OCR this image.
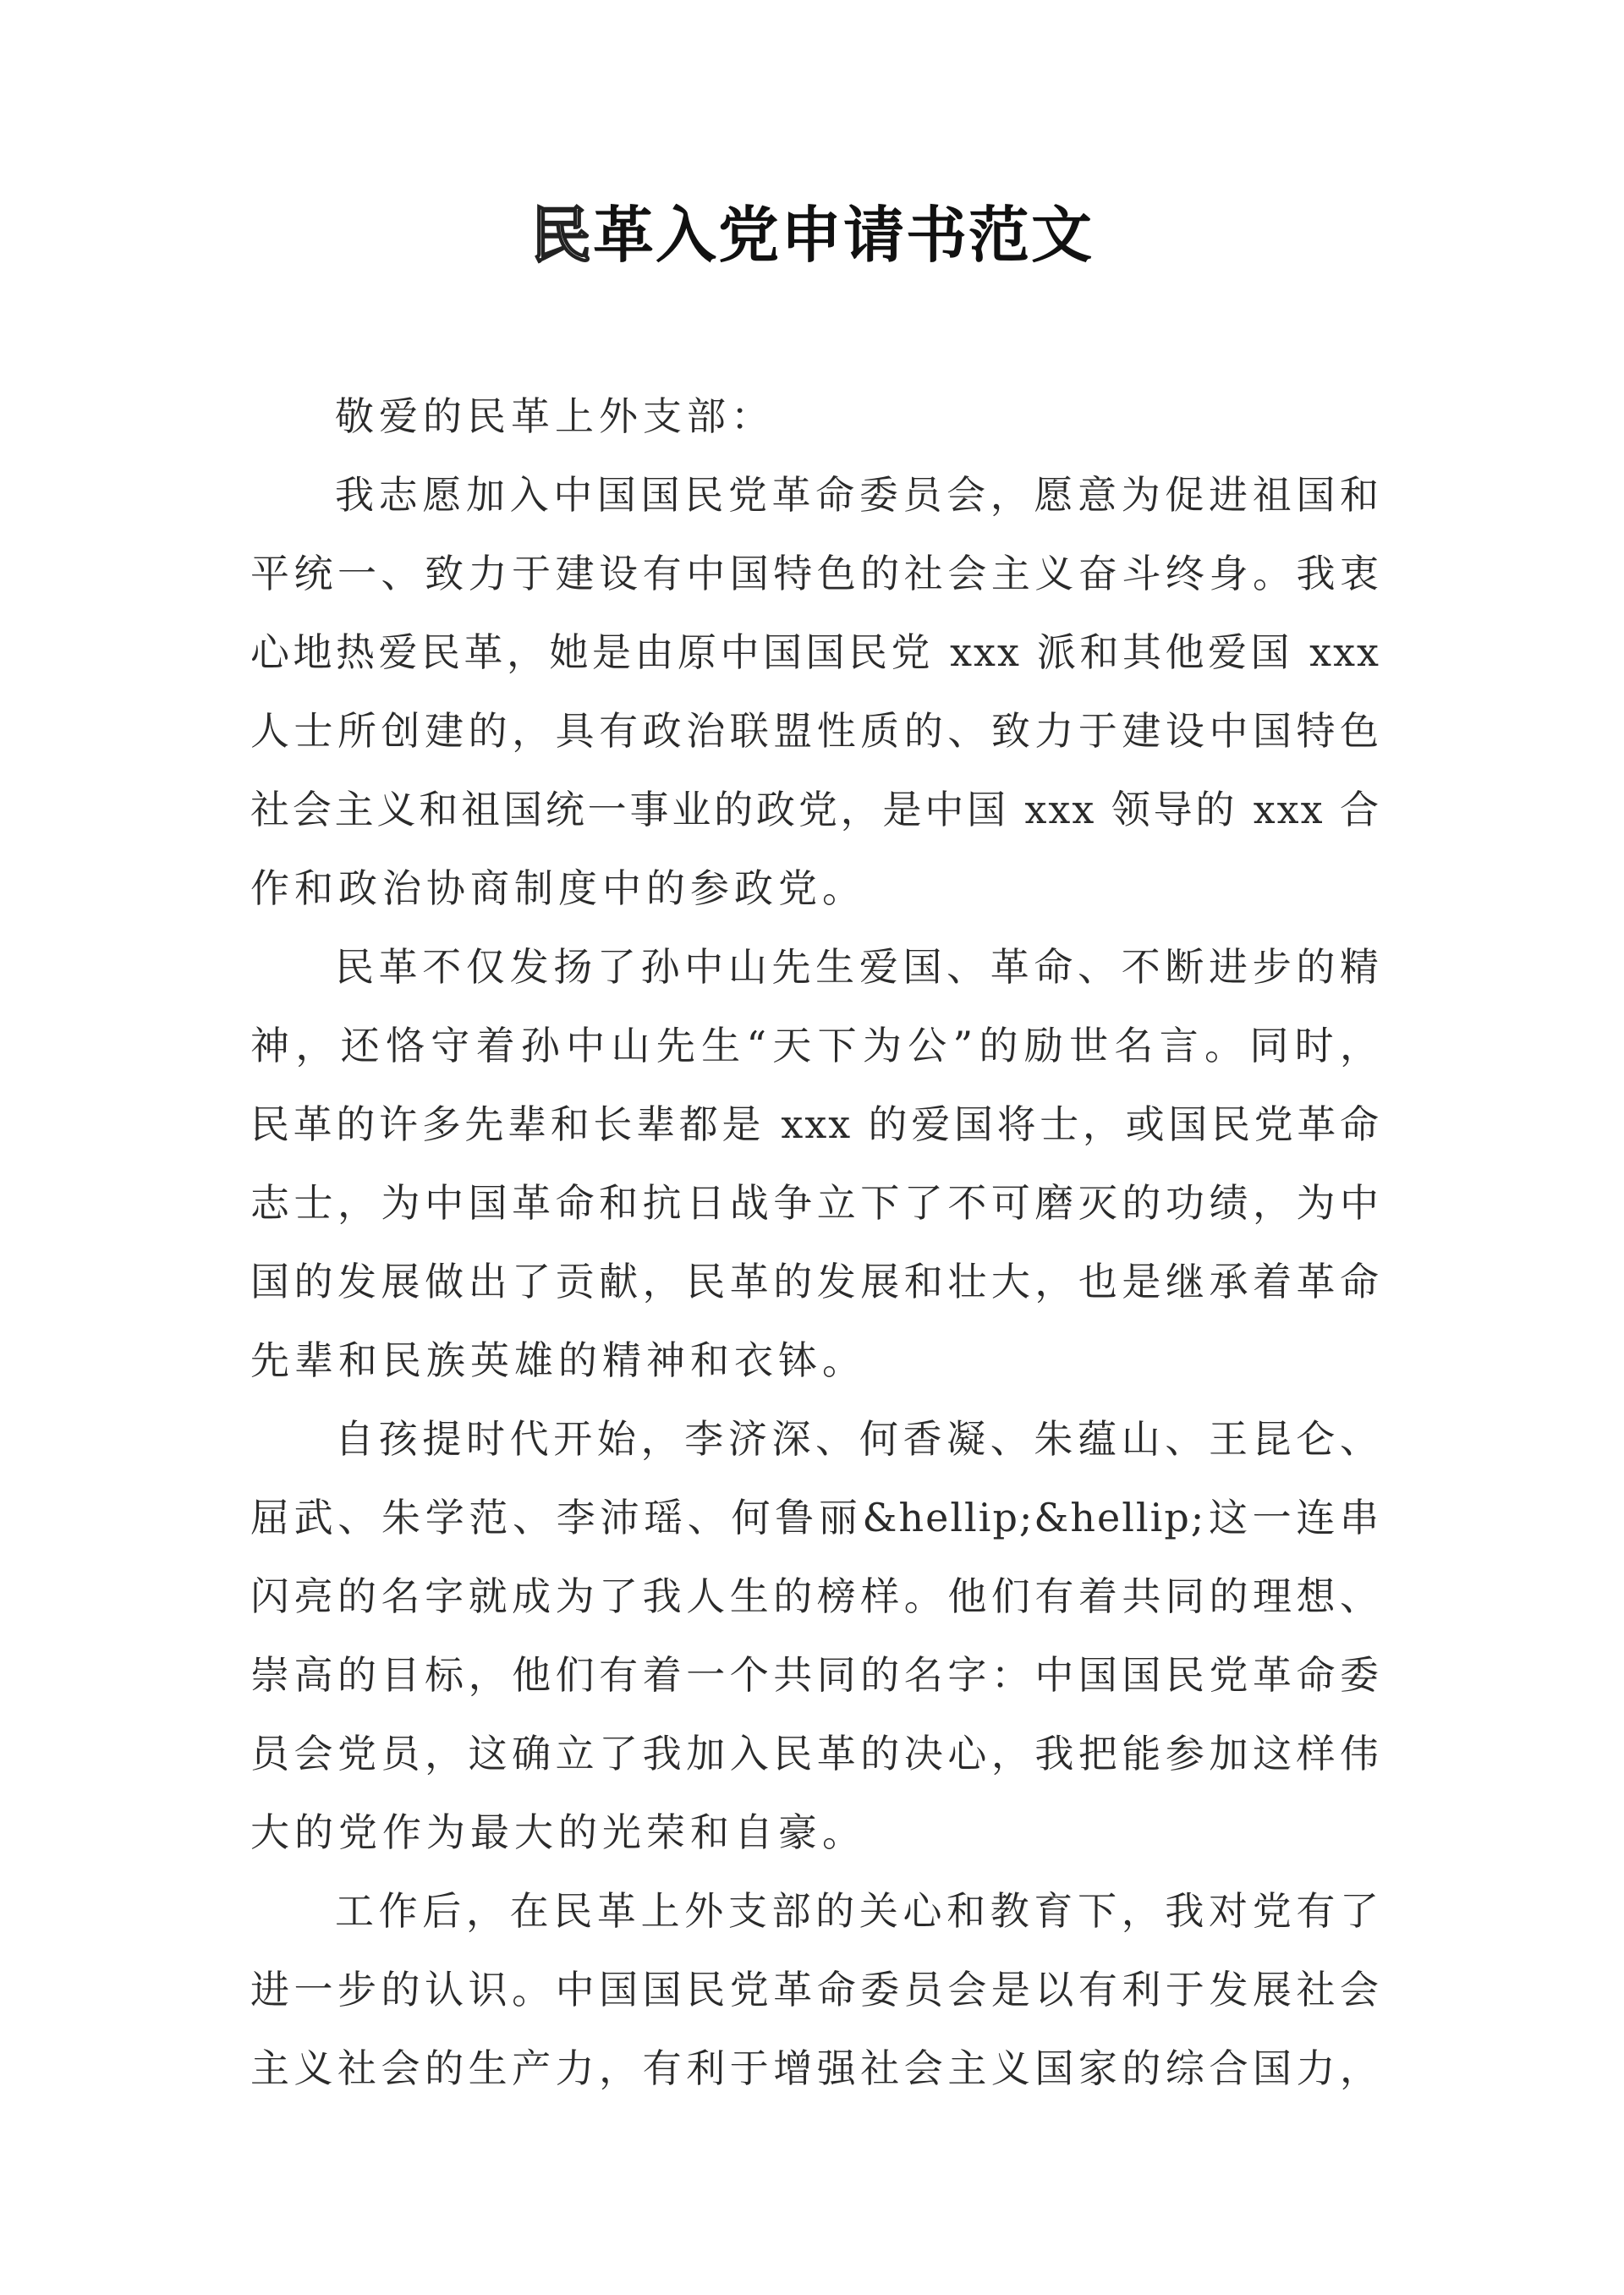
民革入党申请书范文
敬爱的民革上外支部：
我志愿加入中国国民党革命委员会，愿意为促进祖国和
平统一、致力于建设有中国特色的社会主义奋斗终身。我衷
心地热爱民革，她是由原中国国民党 xxx 派和其他爱国 xxx
人士所创建的，具有政治联盟性质的、致力于建设中国特色
社会主义和祖国统一事业的政党，是中国 xxx 领导的 xxx 合
作和政治协商制度中的参政党。
民革不仅发扬了孙中山先生爱国、革命、不断进步的精
神，还恪守着孙中山先生“天下为公”的励世名言。同时，
民革的许多先辈和长辈都是 xxx 的爱国将士，或国民党革命
志士，为中国革命和抗日战争立下了不可磨灭的功绩，为中
国的发展做出了贡献，民革的发展和壮大，也是继承着革命
先辈和民族英雄的精神和衣钵。
自孩提时代开始，李济深、何香凝、朱蕴山、王昆仑、
屈武、朱学范、李沛瑶、何鲁丽&hellip;&hellip;这一连串
闪亮的名字就成为了我人生的榜样。他们有着共同的理想、
崇高的目标，他们有着一个共同的名字：中国国民党革命委
员会党员，这确立了我加入民革的决心，我把能参加这样伟
大的党作为最大的光荣和自豪。
工作后，在民革上外支部的关心和教育下，我对党有了
进一步的认识。中国国民党革命委员会是以有利于发展社会
主义社会的生产力，有利于增强社会主义国家的综合国力，
